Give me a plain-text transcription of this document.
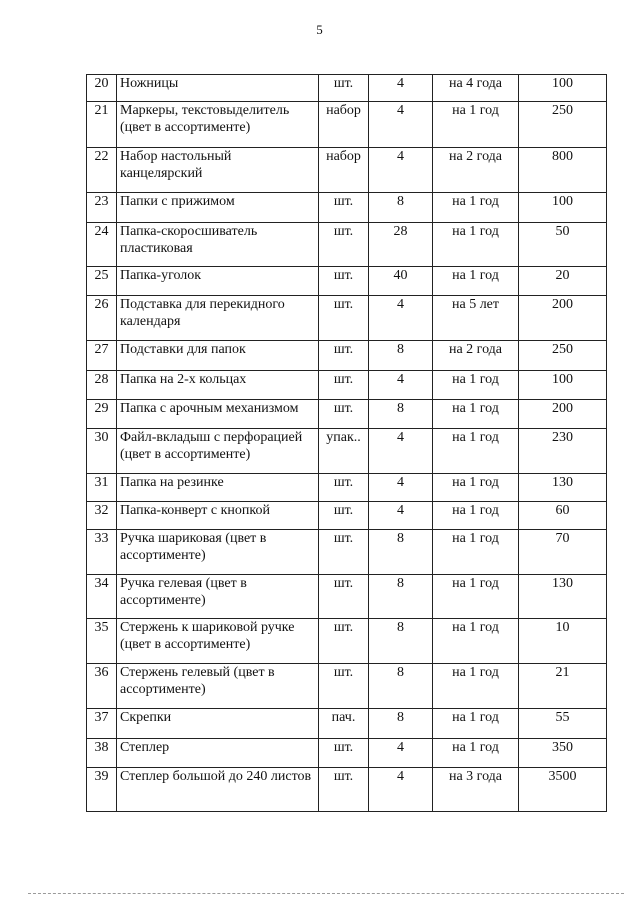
5
20	Ножницы	шт.	4	на 4 года	100
21	Маркеры, текстовыделитель (цвет в ассортименте)	набор	4	на 1 год	250
22	Набор настольный канцелярский	набор	4	на 2 года	800
23	Папки с прижимом	шт.	8	на 1 год	100
24	Папка-скоросшиватель пластиковая	шт.	28	на 1 год	50
25	Папка-уголок	шт.	40	на 1 год	20
26	Подставка для перекидного календаря	шт.	4	на 5 лет	200
27	Подставки для папок	шт.	8	на 2 года	250
28	Папка на 2-х кольцах	шт.	4	на 1 год	100
29	Папка с арочным механизмом	шт.	8	на 1 год	200
30	Файл-вкладыш с перфорацией (цвет в ассортименте)	упак..	4	на 1 год	230
31	Папка на резинке	шт.	4	на 1 год	130
32	Папка-конверт с кнопкой	шт.	4	на 1 год	60
33	Ручка шариковая (цвет в ассортименте)	шт.	8	на 1 год	70
34	Ручка гелевая (цвет в ассортименте)	шт.	8	на 1 год	130
35	Стержень к шариковой ручке (цвет в ассортименте)	шт.	8	на 1 год	10
36	Стержень гелевый (цвет в ассортименте)	шт.	8	на 1 год	21
37	Скрепки	пач.	8	на 1 год	55
38	Степлер	шт.	4	на 1 год	350
39	Степлер большой до 240 листов	шт.	4	на 3 года	3500
